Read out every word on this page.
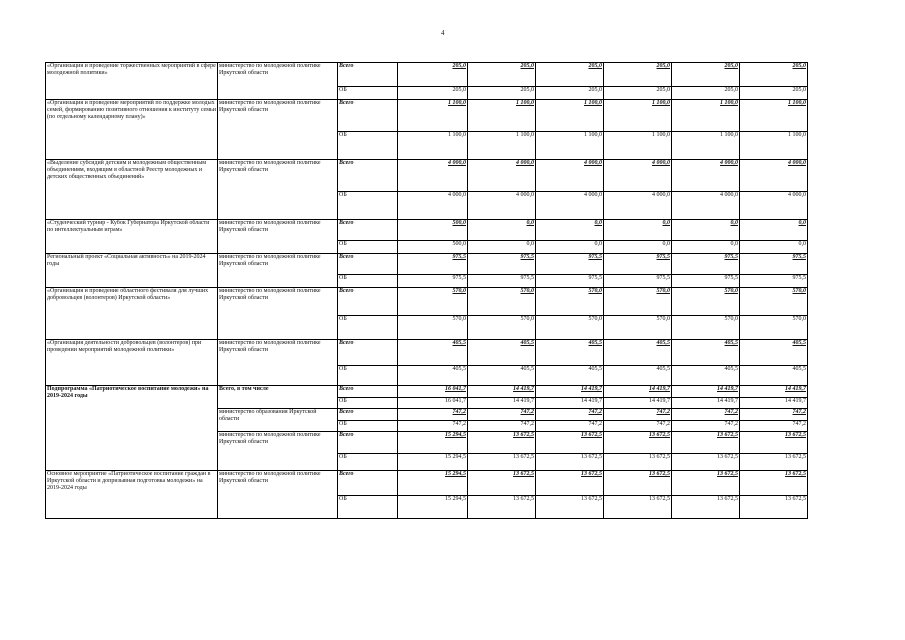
4
«Организация и проведение торжественных мероприятий в сфере молодежной политики»	министерство по молодежной политике Иркутской области	Всего	205,0	205,0	205,0	205,0	205,0	205,0
		ОБ	205,0	205,0	205,0	205,0	205,0	205,0
«Организация и проведение мероприятий по поддержке молодых семей, формированию позитивного отношения к институту семьи (по отдельному календарному плану)»	министерство по молодежной политике Иркутской области	Всего	1 100,0	1 100,0	1 100,0	1 100,0	1 100,0	1 100,0
		ОБ	1 100,0	1 100,0	1 100,0	1 100,0	1 100,0	1 100,0
«Выделение субсидий детским и молодежным общественным объединениям, входящим в областной Реестр молодежных и детских общественных объединений»	министерство по молодежной политике Иркутской области	Всего	4 000,0	4 000,0	4 000,0	4 000,0	4 000,0	4 000,0
		ОБ	4 000,0	4 000,0	4 000,0	4 000,0	4 000,0	4 000,0
«Студенческий турнир - Кубок Губернатора Иркутской области по интеллектуальным играм»	министерство по молодежной политике Иркутской области	Всего	500,0	0,0	0,0	0,0	0,0	0,0
		ОБ	500,0	0,0	0,0	0,0	0,0	0,0
Региональный проект «Социальная активность» на 2019-2024 годы	министерство по молодежной политике Иркутской области	Всего	975,5	975,5	975,5	975,5	975,5	975,5
		ОБ	975,5	975,5	975,5	975,5	975,5	975,5
«Организация и проведение областного фестиваля для лучших добровольцев (волонтеров) Иркутской области»	министерство по молодежной политике Иркутской области	Всего	570,0	570,0	570,0	570,0	570,0	570,0
		ОБ	570,0	570,0	570,0	570,0	570,0	570,0
«Организация деятельности добровольцев (волонтеров) при проведении мероприятий молодежной политики»	министерство по молодежной политике Иркутской области	Всего	405,5	405,5	405,5	405,5	405,5	405,5
		ОБ	405,5	405,5	405,5	405,5	405,5	405,5
Подпрограмма «Патриотическое воспитание молодежи» на 2019-2024 годы	Всего, в том числе	Всего	16 041,7	14 419,7	14 419,7	14 419,7	14 419,7	14 419,7
		ОБ	16 041,7	14 419,7	14 419,7	14 419,7	14 419,7	14 419,7
	министерство образования Иркутской области	Всего	747,2	747,2	747,2	747,2	747,2	747,2
		ОБ	747,2	747,2	747,2	747,2	747,2	747,2
	министерство по молодежной политике Иркутской области	Всего	15 294,5	13 672,5	13 672,5	13 672,5	13 672,5	13 672,5
		ОБ	15 294,5	13 672,5	13 672,5	13 672,5	13 672,5	13 672,5
Основное мероприятие «Патриотическое воспитание граждан в Иркутской области и допризывная подготовка молодежи» на 2019-2024 годы	министерство по молодежной политике Иркутской области	Всего	15 294,5	13 672,5	13 672,5	13 672,5	13 672,5	13 672,5
		ОБ	15 294,5	13 672,5	13 672,5	13 672,5	13 672,5	13 672,5
